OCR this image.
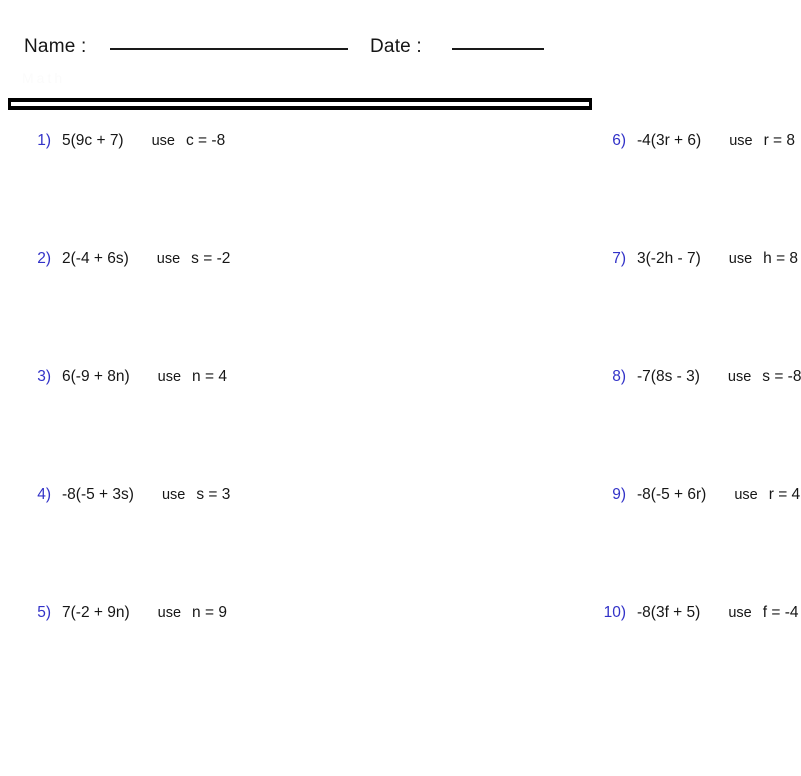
Name :	Date :
Math
1) 5(9c + 7) use c = -8	6) -4(3r + 6) use r = 8
2) 2(-4 + 6s) use s = -2	7) 3(-2h - 7) use h = 8
3) 6(-9 + 8n) use n = 4	8) -7(8s - 3) use s = -8
4) -8(-5 + 3s) use s = 3	9) -8(-5 + 6r) use r = 4
5) 7(-2 + 9n) use n = 9	10) -8(3f + 5) use f = -4
